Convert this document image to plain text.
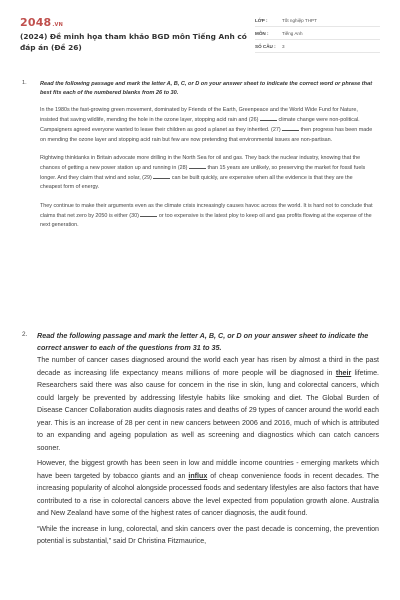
2048.VN
(2024) Đề minh họa tham khảo BGD môn Tiếng Anh có đáp án (Đề 26)
LỚP :	Tốt nghiệp THPT
MÔN :	Tiếng Anh
SỐ CÂU :	3
1. Read the following passage and mark the letter A, B, C, or D on your answer sheet to indicate the correct word or phrase that best fits each of the numbered blanks from 26 to 30.

In the 1980s the fast-growing green movement, dominated by Friends of the Earth, Greenpeace and the World Wide Fund for Nature, insisted that saving wildlife, mending the hole in the ozone layer, stopping acid rain and (26)	climate change were non-political. Campaigners agreed everyone wanted to leave their children as good a planet as they inherited. (27)	then progress has been made on mending the ozone layer and stopping acid rain but few are now pretending that environmental issues are non-partisan.

Rightwing thinktanks in Britain advocate more drilling in the North Sea for oil and gas. They back the nuclear industry, knowing that the chances of getting a new power station up and running in (28)	than 15 years are unlikely, so preserving the market for fossil fuels longer. And they claim that wind and solar, (29)	can be built quickly, are expensive when all the evidence is that they are the cheapest form of energy.

They continue to make their arguments even as the climate crisis increasingly causes havoc across the world. It is hard not to conclude that claims that net zero by 2050 is either (30)	or too expensive is the latest ploy to keep oil and gas profits flowing at the expense of the next generation.

2. Read the following passage and mark the letter A, B, C, or D on your answer sheet to indicate the correct answer to each of the questions from 31 to 35.

The number of cancer cases diagnosed around the world each year has risen by almost a third in the past decade as increasing life expectancy means millions of more people will be diagnosed in their lifetime. Researchers said there was also cause for concern in the rise in skin, lung and colorectal cancers, which could largely be prevented by addressing lifestyle habits like smoking and diet. The Global Burden of Disease Cancer Collaboration audits diagnosis rates and deaths of 29 types of cancer around the world each year. This is an increase of 28 per cent in new cancers between 2006 and 2016, much of which is attributed to an expanding and ageing population as well as screening and diagnostics which can catch cancers sooner.

However, the biggest growth has been seen in low and middle income countries - emerging markets which have been targeted by tobacco giants and an influx of cheap convenience foods in recent decades. The increasing popularity of alcohol alongside processed foods and sedentary lifestyles are also factors that have contributed to a rise in colorectal cancers above the level expected from population growth alone. Australia and New Zealand have some of the highest rates of cancer diagnosis, the audit found.

“While the increase in lung, colorectal, and skin cancers over the past decade is concerning, the prevention potential is substantial,” said Dr Christina Fitzmaurice,
